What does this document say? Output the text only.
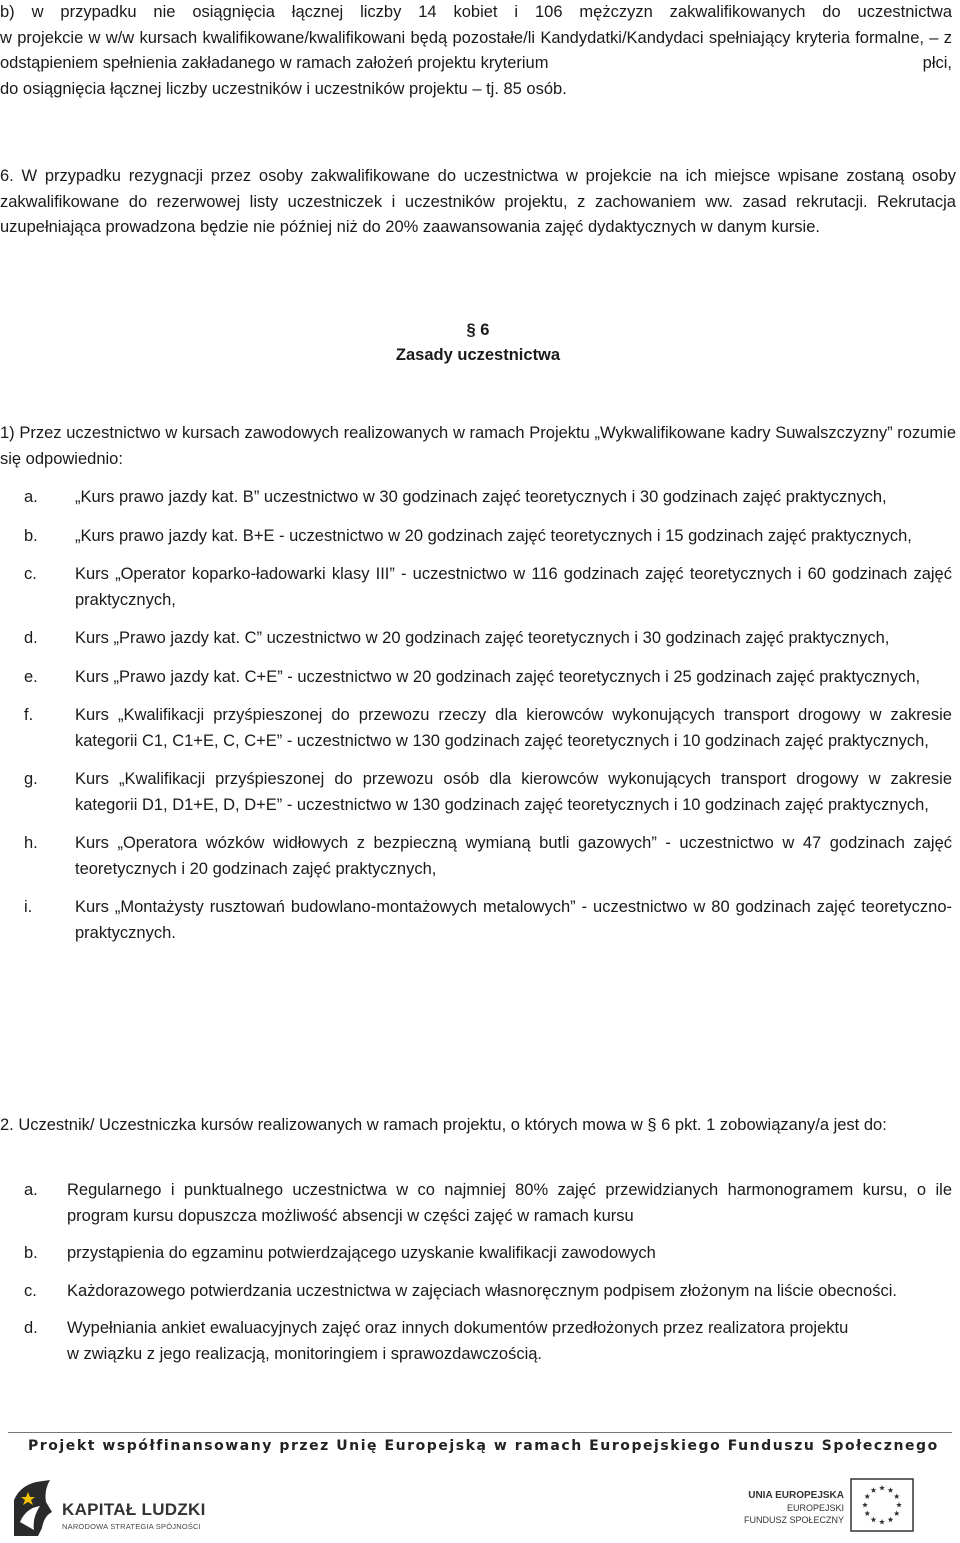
b) w przypadku nie osiągnięcia łącznej liczby 14 kobiet i 106 mężczyzn zakwalifikowanych do uczestnictwa

w projekcie w w/w kursach kwalifikowane/kwalifikowani będą pozostałe/li Kandydatki/Kandydaci spełniający kryteria formalne, – z odstąpieniem spełnienia zakładanego w ramach założeń projektu kryterium	płci,

do osiągnięcia łącznej liczby uczestników i uczestników projektu – tj. 85 osób.

6. W przypadku rezygnacji przez osoby zakwalifikowane do uczestnictwa w projekcie na ich miejsce wpisane zostaną osoby zakwalifikowane do rezerwowej listy uczestniczek i uczestników projektu, z zachowaniem ww. zasad rekrutacji. Rekrutacja uzupełniająca prowadzona będzie nie później niż do 20% zaawansowania zajęć dydaktycznych w danym kursie.

§ 6

Zasady uczestnictwa

1) Przez uczestnictwo w kursach zawodowych realizowanych w ramach Projektu „Wykwalifikowane kadry Suwalszczyzny” rozumie się odpowiednio:

a.	„Kurs prawo jazdy kat. B” uczestnictwo w 30 godzinach zajęć teoretycznych i 30 godzinach zajęć praktycznych,
b.	„Kurs prawo jazdy kat. B+E - uczestnictwo w 20 godzinach zajęć teoretycznych i 15 godzinach zajęć praktycznych,
c.	Kurs „Operator koparko-ładowarki klasy III” - uczestnictwo w 116 godzinach zajęć teoretycznych i 60 godzinach zajęć praktycznych,
d.	Kurs „Prawo jazdy kat. C” uczestnictwo w 20 godzinach zajęć teoretycznych i 30 godzinach zajęć praktycznych,
e.	Kurs „Prawo jazdy kat. C+E” - uczestnictwo w 20 godzinach zajęć teoretycznych i 25 godzinach zajęć praktycznych,
f.	Kurs „Kwalifikacji przyśpieszonej do przewozu rzeczy dla kierowców wykonujących transport drogowy w zakresie kategorii C1, C1+E, C, C+E” - uczestnictwo w 130 godzinach zajęć teoretycznych i 10 godzinach zajęć praktycznych,
g.	Kurs „Kwalifikacji przyśpieszonej do przewozu osób dla kierowców wykonujących transport drogowy w zakresie kategorii D1, D1+E, D, D+E” - uczestnictwo w 130 godzinach zajęć teoretycznych i 10 godzinach zajęć praktycznych,
h.	Kurs „Operatora wózków widłowych z bezpieczną wymianą butli gazowych” - uczestnictwo w 47 godzinach zajęć teoretycznych i 20 godzinach zajęć praktycznych,
i.	Kurs „Montażysty rusztowań budowlano-montażowych metalowych” - uczestnictwo w 80 godzinach zajęć teoretyczno-praktycznych.

2. Uczestnik/ Uczestniczka kursów realizowanych w ramach projektu, o których mowa w § 6 pkt. 1 zobowiązany/a jest do:

a.	Regularnego i punktualnego uczestnictwa w co najmniej 80% zajęć przewidzianych harmonogramem kursu, o ile program kursu dopuszcza możliwość absencji w części zajęć w ramach kursu
b.	przystąpienia do egzaminu potwierdzającego uzyskanie kwalifikacji zawodowych
c.	Każdorazowego potwierdzania uczestnictwa w zajęciach własnoręcznym podpisem złożonym na liście obecności.
d.	Wypełniania ankiet ewaluacyjnych zajęć oraz innych dokumentów przedłożonych przez realizatora projektu
w związku z jego realizacją, monitoringiem i sprawozdawczością.
Projekt współfinansowany przez Unię Europejską w ramach Europejskiego Funduszu Społecznego
KAPITAŁ LUDZKI
NARODOWA STRATEGIA SPÓJNOŚCI
UNIA EUROPEJSKA
EUROPEJSKI
FUNDUSZ SPOŁECZNY
